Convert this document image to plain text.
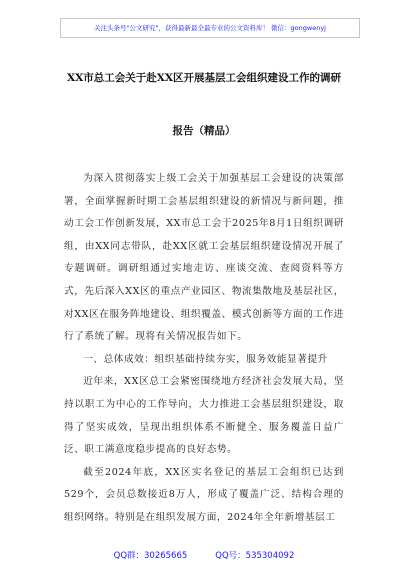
关注头条号"公文研究"，获得最新最全最专业的公文资料库！ 微信：gongwenyj
XX市总工会关于赴XX区开展基层工会组织建设工作的调研
报告（精品）

为深入贯彻落实上级工会关于加强基层工会建设的决策部署，全面掌握新时期工会基层组织建设的新情况与新问题，推动工会工作创新发展，XX市总工会于2025年8月1日组织调研组，由XX同志带队，赴XX区就工会基层组织建设情况开展了专题调研。调研组通过实地走访、座谈交流、查阅资料等方式，先后深入XX区的重点产业园区、物流集散地及基层社区，对XX区在服务阵地建设、组织覆盖、模式创新等方面的工作进行了系统了解。现将有关情况报告如下。

一、总体成效：组织基础持续夯实，服务效能显著提升

近年来，XX区总工会紧密围绕地方经济社会发展大局，坚持以职工为中心的工作导向，大力推进工会基层组织建设，取得了坚实成效，呈现出组织体系不断健全、服务覆盖日益广泛、职工满意度稳步提高的良好态势。

截至2024年底，XX区实名登记的基层工会组织已达到529个，会员总数接近8万人，形成了覆盖广泛、结构合理的组织网络。特别是在组织发展方面，2024年全年新增基层工

QQ群：30265665	QQ号：535304092
